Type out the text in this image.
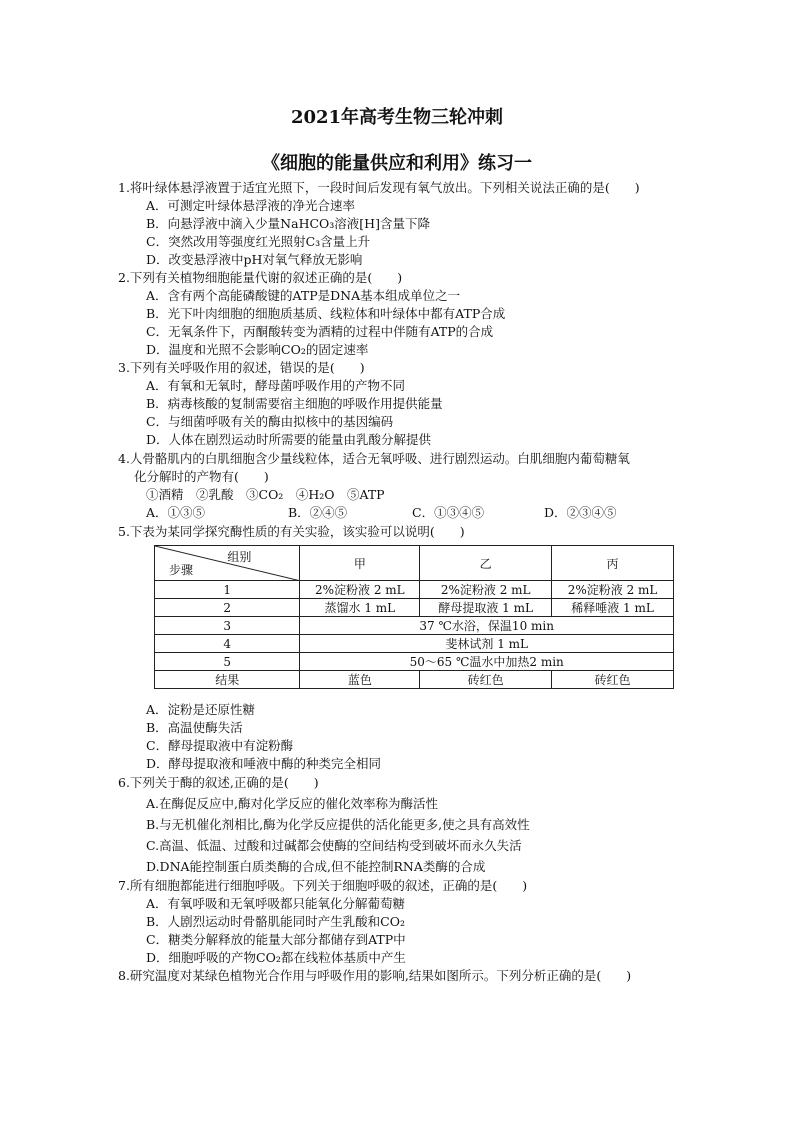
2021年高考生物三轮冲刺
《细胞的能量供应和利用》练习一
1.将叶绿体悬浮液置于适宜光照下，一段时间后发现有氧气放出。下列相关说法正确的是(　　)
A．可测定叶绿体悬浮液的净光合速率
B．向悬浮液中滴入少量NaHCO₃溶液[H]含量下降
C．突然改用等强度红光照射C₃含量上升
D．改变悬浮液中pH对氧气释放无影响
2.下列有关植物细胞能量代谢的叙述正确的是(　　)
A．含有两个高能磷酸键的ATP是DNA基本组成单位之一
B．光下叶肉细胞的细胞质基质、线粒体和叶绿体中都有ATP合成
C．无氧条件下，丙酮酸转变为酒精的过程中伴随有ATP的合成
D．温度和光照不会影响CO₂的固定速率
3.下列有关呼吸作用的叙述，错误的是(　　)
A．有氧和无氧时，酵母菌呼吸作用的产物不同
B．病毒核酸的复制需要宿主细胞的呼吸作用提供能量
C．与细菌呼吸有关的酶由拟核中的基因编码
D．人体在剧烈运动时所需要的能量由乳酸分解提供
4.人骨骼肌内的白肌细胞含少量线粒体，适合无氧呼吸、进行剧烈运动。白肌细胞内葡萄糖氧
化分解时的产物有(　　)
①酒精　②乳酸　③CO₂　④H₂O　⑤ATP
A．①③⑤	B．②④⑤	C．①③④⑤	D．②③④⑤
5.下表为某同学探究酶性质的有关实验，该实验可以说明(　　)
组别
步骤	甲	乙	丙
1	2%淀粉液 2 mL	2%淀粉液 2 mL	2%淀粉液 2 mL
2	蒸馏水 1 mL	酵母提取液 1 mL	稀释唾液 1 mL
3	37 ℃水浴，保温10 min		
4	斐林试剂 1 mL		
5	50～65 ℃温水中加热2 min		
结果	蓝色	砖红色	砖红色
A．淀粉是还原性糖
B．高温使酶失活
C．酵母提取液中有淀粉酶
D．酵母提取液和唾液中酶的种类完全相同
6.下列关于酶的叙述,正确的是(　　)
A.在酶促反应中,酶对化学反应的催化效率称为酶活性
B.与无机催化剂相比,酶为化学反应提供的活化能更多,使之具有高效性
C.高温、低温、过酸和过碱都会使酶的空间结构受到破坏而永久失活
D.DNA能控制蛋白质类酶的合成,但不能控制RNA类酶的合成
7.所有细胞都能进行细胞呼吸。下列关于细胞呼吸的叙述，正确的是(　　)
A．有氧呼吸和无氧呼吸都只能氧化分解葡萄糖
B．人剧烈运动时骨骼肌能同时产生乳酸和CO₂
C．糖类分解释放的能量大部分都储存到ATP中
D．细胞呼吸的产物CO₂都在线粒体基质中产生
8.研究温度对某绿色植物光合作用与呼吸作用的影响,结果如图所示。下列分析正确的是(　　)
